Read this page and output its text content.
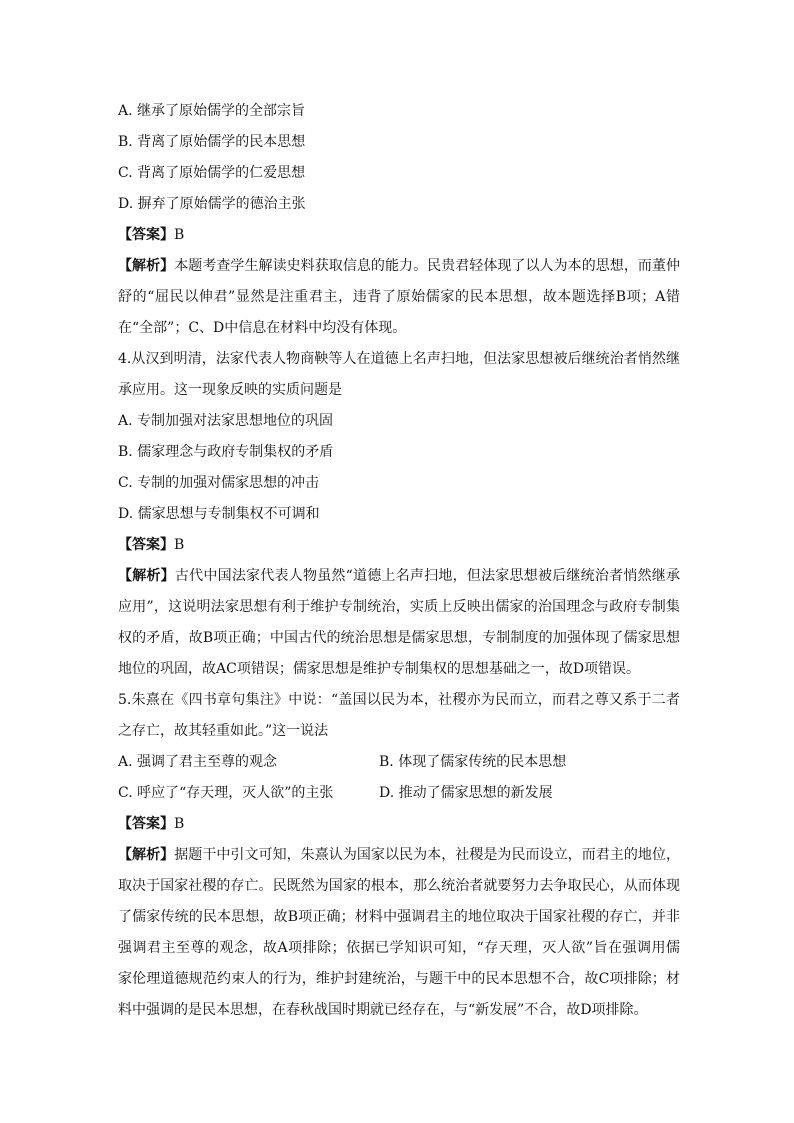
A. 继承了原始儒学的全部宗旨
B. 背离了原始儒学的民本思想
C. 背离了原始儒学的仁爱思想
D. 摒弃了原始儒学的德治主张
【答案】B
【解析】本题考查学生解读史料获取信息的能力。民贵君轻体现了以人为本的思想，而董仲
舒的“屈民以伸君”显然是注重君主，违背了原始儒家的民本思想，故本题选择B项；A错
在“全部”；C、D中信息在材料中均没有体现。
4.从汉到明清，法家代表人物商鞅等人在道德上名声扫地，但法家思想被后继统治者悄然继
承应用。这一现象反映的实质问题是
A. 专制加强对法家思想地位的巩固
B. 儒家理念与政府专制集权的矛盾
C. 专制的加强对儒家思想的冲击
D. 儒家思想与专制集权不可调和
【答案】B
【解析】古代中国法家代表人物虽然“道德上名声扫地，但法家思想被后继统治者悄然继承
应用”，这说明法家思想有利于维护专制统治，实质上反映出儒家的治国理念与政府专制集
权的矛盾，故B项正确；中国古代的统治思想是儒家思想，专制制度的加强体现了儒家思想
地位的巩固，故AC项错误；儒家思想是维护专制集权的思想基础之一，故D项错误。
5.朱熹在《四书章句集注》中说：“盖国以民为本，社稷亦为民而立，而君之尊又系于二者
之存亡，故其轻重如此。”这一说法
A. 强调了君主至尊的观念	B. 体现了儒家传统的民本思想
C. 呼应了“存天理，灭人欲”的主张	D. 推动了儒家思想的新发展
【答案】B
【解析】据题干中引文可知，朱熹认为国家以民为本，社稷是为民而设立，而君主的地位，
取决于国家社稷的存亡。民既然为国家的根本，那么统治者就要努力去争取民心，从而体现
了儒家传统的民本思想，故B项正确；材料中强调君主的地位取决于国家社稷的存亡，并非
强调君主至尊的观念，故A项排除；依据已学知识可知，“存天理，灭人欲”旨在强调用儒
家伦理道德规范约束人的行为，维护封建统治，与题干中的民本思想不合，故C项排除；材
料中强调的是民本思想，在春秋战国时期就已经存在，与“新发展”不合，故D项排除。
